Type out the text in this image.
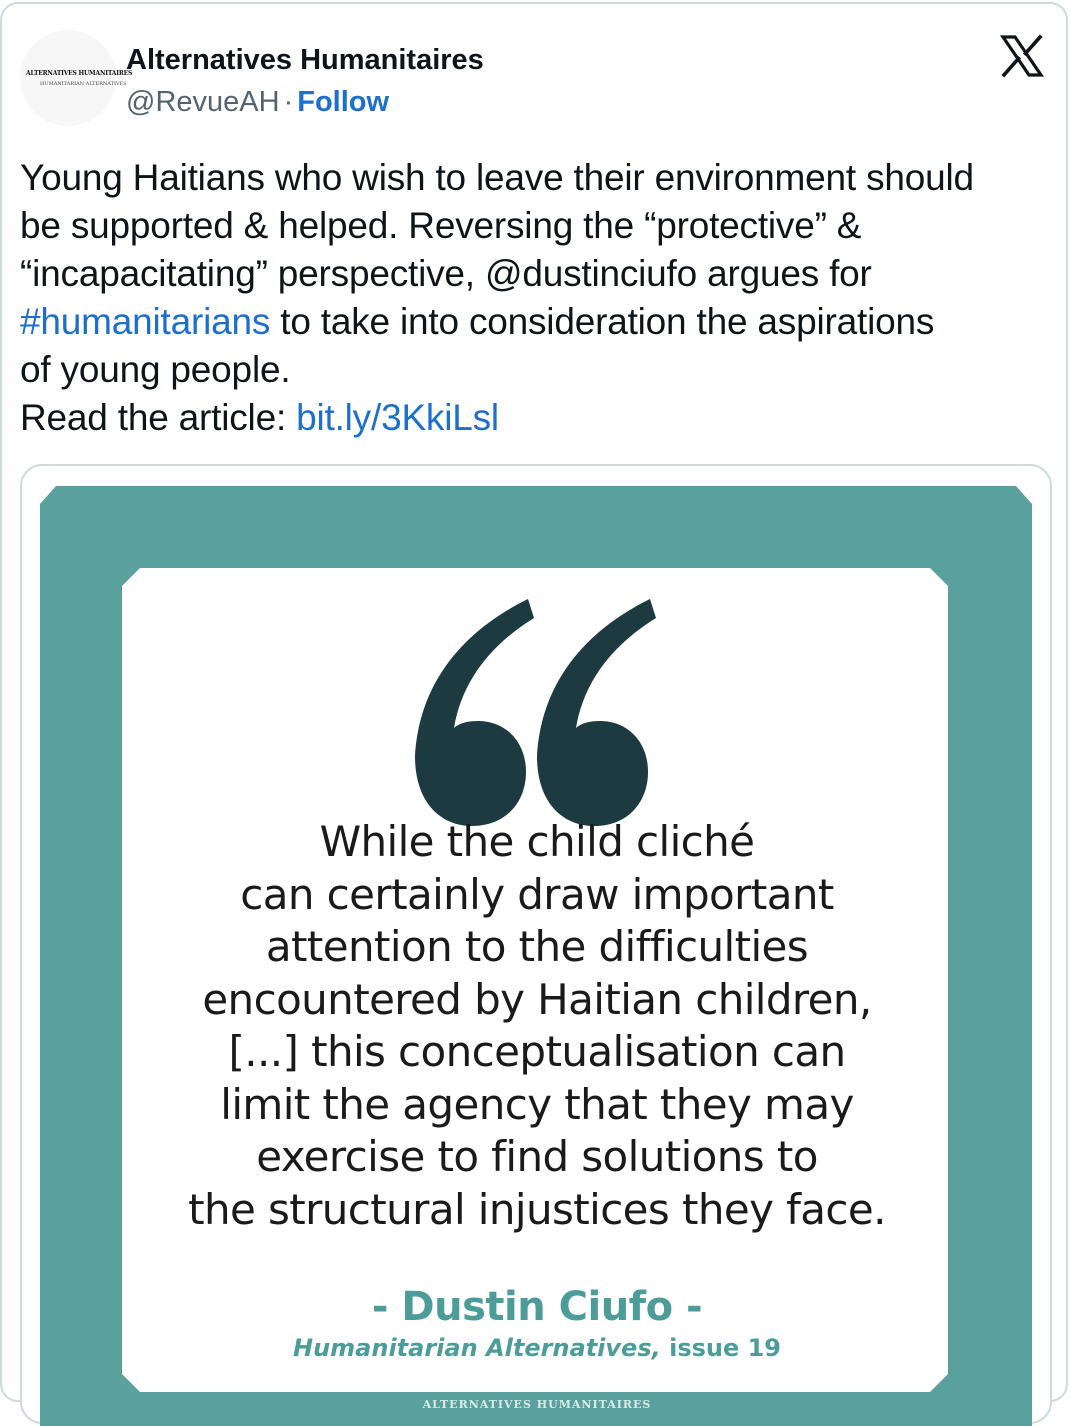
ALTERNATIVES HUMANITAIRES
HUMANITARIAN ALTERNATIVES
Alternatives Humanitaires
@RevueAH · Follow
Young Haitians who wish to leave their environment should
be supported & helped. Reversing the “protective” &
“incapacitating” perspective, @dustinciufo argues for
#humanitarians to take into consideration the aspirations
of young people.
Read the article: bit.ly/3KkiLsl
While the child cliché
can certainly draw important
attention to the difficulties
encountered by Haitian children,
[...] this conceptualisation can
limit the agency that they may
exercise to find solutions to
the structural injustices they face.
- Dustin Ciufo -
Humanitarian Alternatives, issue 19
ALTERNATIVES HUMANITAIRES
